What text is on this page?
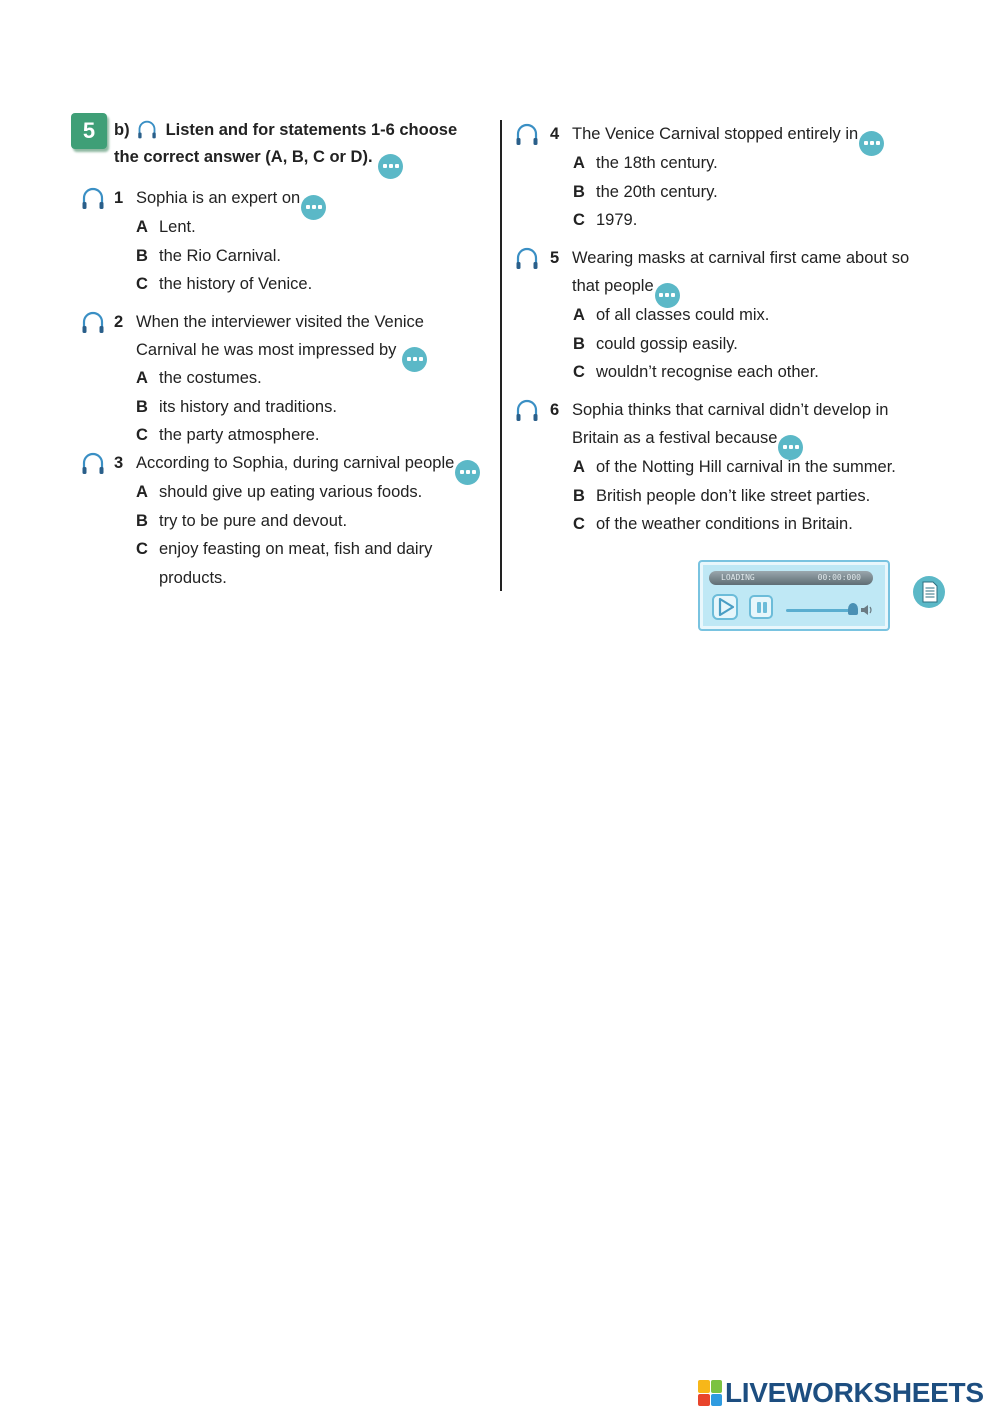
5	b) Listen and for statements 1-6 choose the correct answer (A, B, C or D).
1 Sophia is an expert on
A Lent.
B the Rio Carnival.
C the history of Venice.
2 When the interviewer visited the Venice Carnival he was most impressed by
A the costumes.
B its history and traditions.
C the party atmosphere.
3 According to Sophia, during carnival people
A should give up eating various foods.
B try to be pure and devout.
C enjoy feasting on meat, fish and dairy products.
4 The Venice Carnival stopped entirely in
A the 18th century.
B the 20th century.
C 1979.
5 Wearing masks at carnival first came about so that people
A of all classes could mix.
B could gossip easily.
C wouldn’t recognise each other.
6 Sophia thinks that carnival didn’t develop in Britain as a festival because
A of the Notting Hill carnival in the summer.
B British people don’t like street parties.
C of the weather conditions in Britain.
LOADING	00:00:000
LIVEWORKSHEETS
